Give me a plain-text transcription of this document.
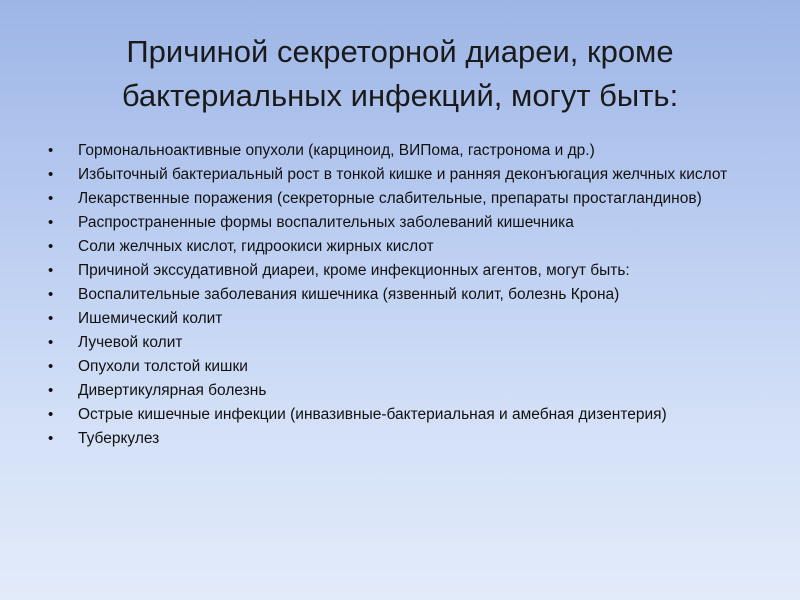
Причиной секреторной диареи, кроме
бактериальных инфекций, могут быть:
•	Гормональноактивные опухоли (карциноид, ВИПома, гастронома и др.)
•	Избыточный бактериальный рост в тонкой кишке и ранняя деконъюгация желчных кислот
•	Лекарственные поражения (секреторные слабительные, препараты простагландинов)
•	Распространенные формы воспалительных заболеваний кишечника
•	Соли желчных кислот, гидроокиси жирных кислот
•	Причиной экссудативной диареи, кроме инфекционных агентов, могут быть:
•	Воспалительные заболевания кишечника (язвенный колит, болезнь Крона)
•	Ишемический колит
•	Лучевой колит
•	Опухоли толстой кишки
•	Дивертикулярная болезнь
•	Острые кишечные инфекции (инвазивные-бактериальная и амебная дизентерия)
•	Туберкулез
